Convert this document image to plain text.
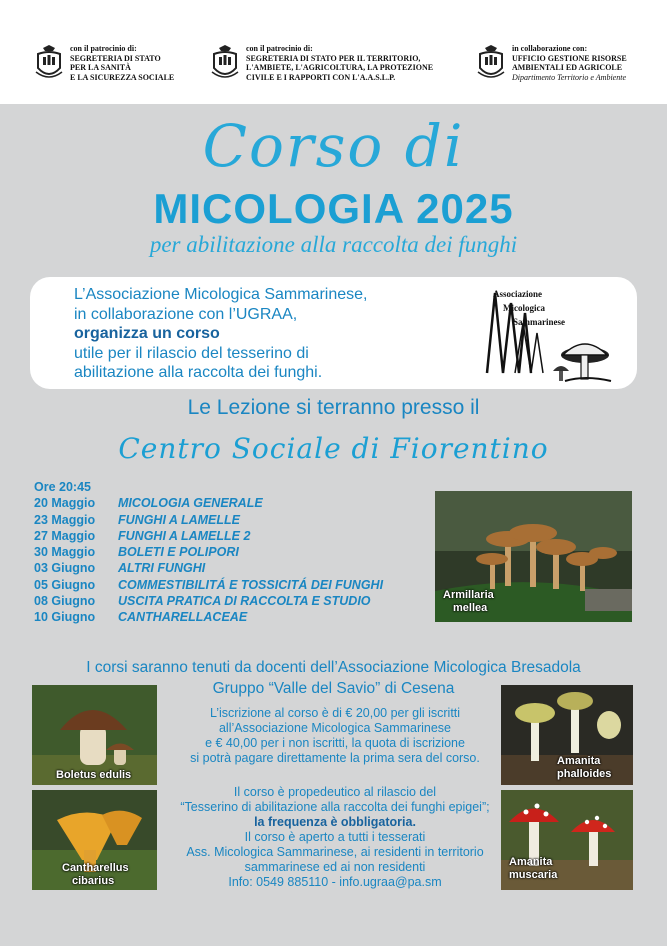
con il patrocinio di:
SEGRETERIA DI STATO
PER LA SANITÀ
E LA SICUREZZA SOCIALE
con il patrocinio di:
SEGRETERIA DI STATO PER IL TERRITORIO,
L'AMBIETE, L'AGRICOLTURA, LA PROTEZIONE
CIVILE E I RAPPORTI CON L'A.A.S.L.P.
in collaborazione con:
UFFICIO GESTIONE RISORSE
AMBIENTALI ED AGRICOLE
Dipartimento Territorio e Ambiente
Corso di
MICOLOGIA 2025
per abilitazione alla raccolta dei funghi
L’Associazione Micologica Sammarinese,
in collaborazione con l’UGRAA,
organizza un corso
utile per il rilascio del tesserino di
abilitazione alla raccolta dei funghi.
Associazione
Micologica
Sammarinese
Le Lezione si terranno presso il
Centro Sociale di Fiorentino
Ore 20:45
20 Maggio	MICOLOGIA GENERALE
23 Maggio	FUNGHI A LAMELLE
27 Maggio	FUNGHI A LAMELLE 2
30 Maggio	BOLETI E POLIPORI
03 Giugno	ALTRI FUNGHI
05 Giugno	COMMESTIBILITÁ E TOSSICITÁ DEI FUNGHI
08 Giugno	USCITA PRATICA DI RACCOLTA E STUDIO
10 Giugno	CANTHARELLACEAE
Armillaria
mellea
I corsi saranno tenuti da docenti dell’Associazione Micologica Bresadola
Gruppo “Valle del Savio” di Cesena
Boletus edulis
Amanita
phalloides
L’iscrizione al corso è di € 20,00 per gli iscritti
all’Associazione Micologica Sammarinese
e € 40,00 per i non iscritti, la quota di iscrizione
si potrà pagare direttamente la prima sera del corso.
Cantharellus
cibarius
Amanita
muscaria
Il corso è propedeutico al rilascio del
“Tesserino di abilitazione alla raccolta dei funghi epigei”;
la frequenza è obbligatoria.
Il corso è aperto a tutti i tesserati
Ass. Micologica Sammarinese, ai residenti in territorio
sammarinese ed ai non residenti
Info: 0549 885110 - info.ugraa@pa.sm
